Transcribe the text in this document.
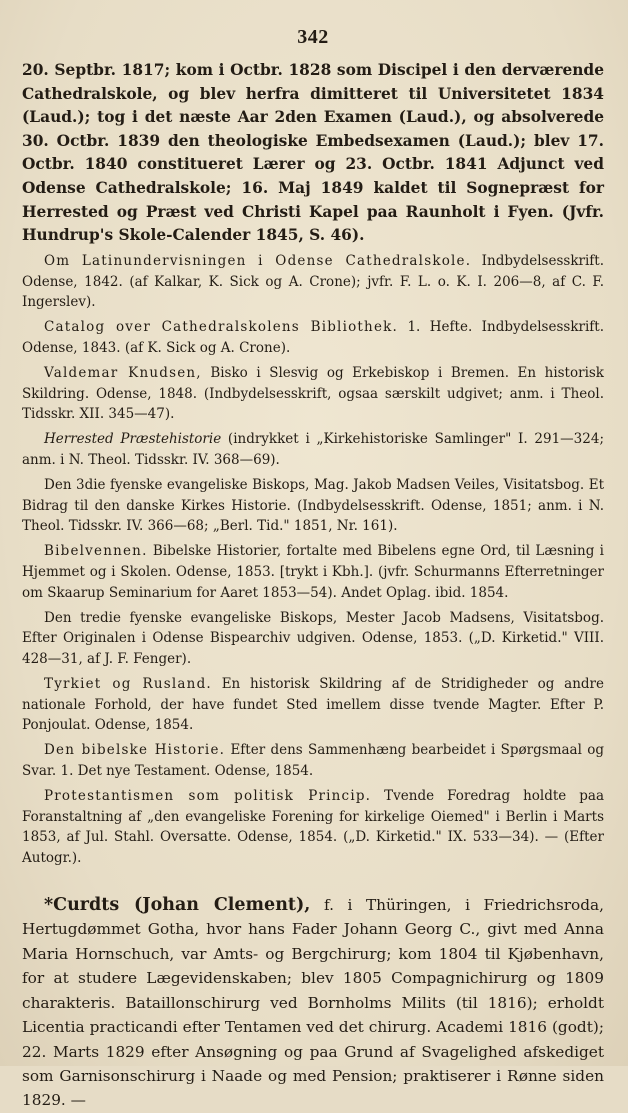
342

20. Septbr. 1817; kom i Octbr. 1828 som Discipel i den derværende Cathedralskole, og blev herfra dimitteret til Universitetet 1834 (Laud.); tog i det næste Aar 2den Examen (Laud.), og absolverede 30. Octbr. 1839 den theologiske Embedsexamen (Laud.); blev 17. Octbr. 1840 constitueret Lærer og 23. Octbr. 1841 Adjunct ved Odense Cathedralskole; 16. Maj 1849 kaldet til Sognepræst for Herrested og Præst ved Christi Kapel paa Raunholt i Fyen. (Jvfr. Hundrup's Skole-Calender 1845, S. 46).

Om Latinundervisningen i Odense Cathedralskole. Indbydelsesskrift. Odense, 1842. (af Kalkar, K. Sick og A. Crone); jvfr. F. L. o. K. I. 206—8, af C. F. Ingerslev).

Catalog over Cathedralskolens Bibliothek. 1. Hefte. Indbydelsesskrift. Odense, 1843. (af K. Sick og A. Crone).

Valdemar Knudsen, Bisko i Slesvig og Erkebiskop i Bremen. En historisk Skildring. Odense, 1848. (Indbydelsesskrift, ogsaa særskilt udgivet; anm. i Theol. Tidsskr. XII. 345—47).

Herrested Præstehistorie (indrykket i „Kirkehistoriske Samlinger" I. 291—324; anm. i N. Theol. Tidsskr. IV. 368—69).

Den 3die fyenske evangeliske Biskops, Mag. Jakob Madsen Veiles, Visitatsbog. Et Bidrag til den danske Kirkes Historie. (Indbydelsesskrift. Odense, 1851; anm. i N. Theol. Tidsskr. IV. 366—68; „Berl. Tid." 1851, Nr. 161).

Bibelvennen. Bibelske Historier, fortalte med Bibelens egne Ord, til Læsning i Hjemmet og i Skolen. Odense, 1853. [trykt i Kbh.]. (jvfr. Schurmanns Efterretninger om Skaarup Seminarium for Aaret 1853—54). Andet Oplag. ibid. 1854.

Den tredie fyenske evangeliske Biskops, Mester Jacob Madsens, Visitatsbog. Efter Originalen i Odense Bispearchiv udgiven. Odense, 1853. („D. Kirketid." VIII. 428—31, af J. F. Fenger).

Tyrkiet og Rusland. En historisk Skildring af de Stridigheder og andre nationale Forhold, der have fundet Sted imellem disse tvende Magter. Efter P. Ponjoulat. Odense, 1854.

Den bibelske Historie. Efter dens Sammenhæng bearbeidet i Spørgsmaal og Svar. 1. Det nye Testament. Odense, 1854.

Protestantismen som politisk Princip. Tvende Foredrag holdte paa Foranstaltning af „den evangeliske Forening for kirkelige Oiemed" i Berlin i Marts 1853, af Jul. Stahl. Oversatte. Odense, 1854. („D. Kirketid." IX. 533—34). — (Efter Autogr.).

*Curdts (Johan Clement), f. i Thüringen, i Friedrichsroda, Hertugdømmet Gotha, hvor hans Fader Johann Georg C., givt med Anna Maria Hornschuch, var Amts- og Bergchirurg; kom 1804 til Kjøbenhavn, for at studere Lægevidenskaben; blev 1805 Compagnichirurg og 1809 charakteris. Bataillonschirurg ved Bornholms Milits (til 1816); erholdt Licentia practicandi efter Tentamen ved det chirurg. Academi 1816 (godt); 22. Marts 1829 efter Ansøgning og paa Grund af Svagelighed afskediget som Garnisonschirurg i Naade og med Pension; praktiserer i Rønne siden 1829. —
